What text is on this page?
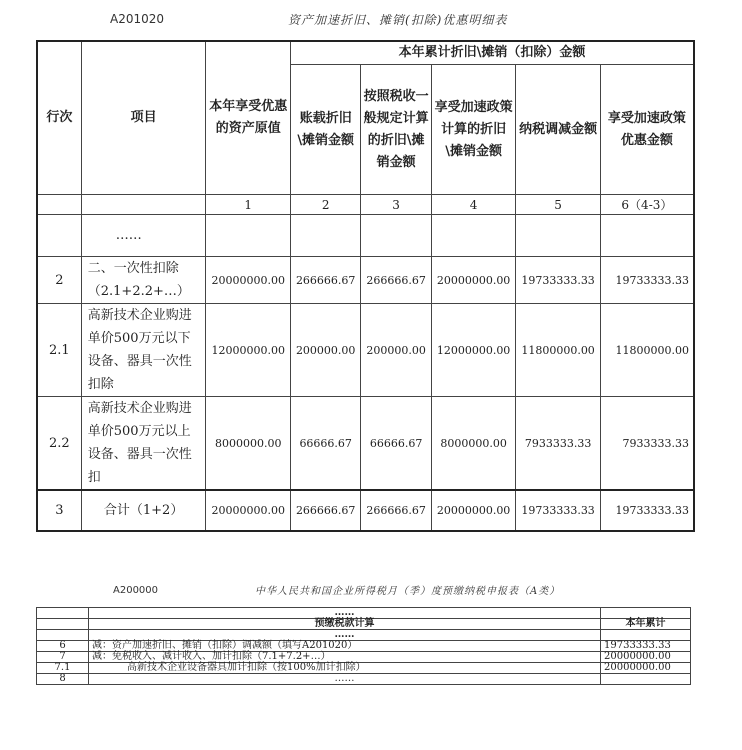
A201020	资产加速折旧、摊销(扣除)优惠明细表
行次	项目	本年享受优惠的资产原值	本年累计折旧\摊销（扣除）金额				
			账载折旧\摊销金额	按照税收一般规定计算的折旧\摊销金额	享受加速政策计算的折旧\摊销金额	纳税调减金额	享受加速政策优惠金额
		1	2	3	4	5	6（4-3）
	……						
2	二、一次性扣除（2.1+2.2+…）	20000000.00	266666.67	266666.67	20000000.00	19733333.33	19733333.33
2.1	高新技术企业购进单价500万元以下设备、器具一次性扣除	12000000.00	200000.00	200000.00	12000000.00	11800000.00	11800000.00
2.2	高新技术企业购进单价500万元以上设备、器具一次性扣	8000000.00	66666.67	66666.67	8000000.00	7933333.33	7933333.33
3	合计（1+2）	20000000.00	266666.67	266666.67	20000000.00	19733333.33	19733333.33
A200000	中华人民共和国企业所得税月（季）度预缴纳税申报表（A类）
	……	
	预缴税款计算	本年累计
	……	
6	减：资产加速折旧、摊销（扣除）调减额（填写A201020）	19733333.33
7	减：免税收入、减计收入、加计扣除（7.1+7.2+…）	20000000.00
7.1	高新技术企业设备器具加计扣除（按100%加计扣除）	20000000.00
8	……	
